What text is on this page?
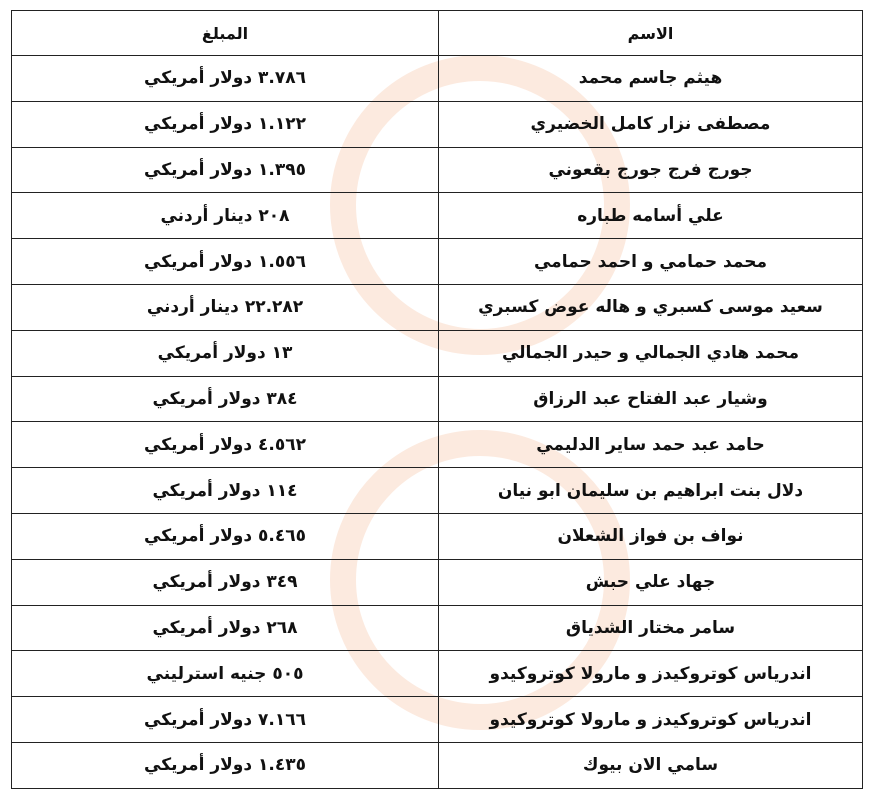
الاسم	المبلغ
هيثم جاسم محمد	٣.٧٨٦ دولار أمريكي
مصطفى نزار كامل الخضيري	١.١٢٢ دولار أمريكي
جورج فرج جورج بقعوني	١.٣٩٥ دولار أمريكي
علي أسامه طباره	٢٠٨ دينار أردني
محمد حمامي و احمد حمامي	١.٥٥٦ دولار أمريكي
سعيد موسى كسبري و هاله عوض كسبري	٢٢.٢٨٢ دينار أردني
محمد هادي الجمالي و حيدر الجمالي	١٣ دولار أمريكي
وشيار عبد الفتاح عبد الرزاق	٣٨٤ دولار أمريكي
حامد عبد حمد ساير الدليمي	٤.٥٦٢ دولار أمريكي
دلال بنت ابراهيم بن سليمان ابو نيان	١١٤ دولار أمريكي
نواف بن فواز الشعلان	٥.٤٦٥ دولار أمريكي
جهاد علي حبش	٣٤٩ دولار أمريكي
سامر مختار الشدياق	٢٦٨ دولار أمريكي
اندرياس كوتروكيدز و مارولا كوتروكيدو	٥٠٥ جنيه استرليني
اندرياس كوتروكيدز و مارولا كوتروكيدو	٧.١٦٦ دولار أمريكي
سامي الان بيوك	١.٤٣٥ دولار أمريكي
